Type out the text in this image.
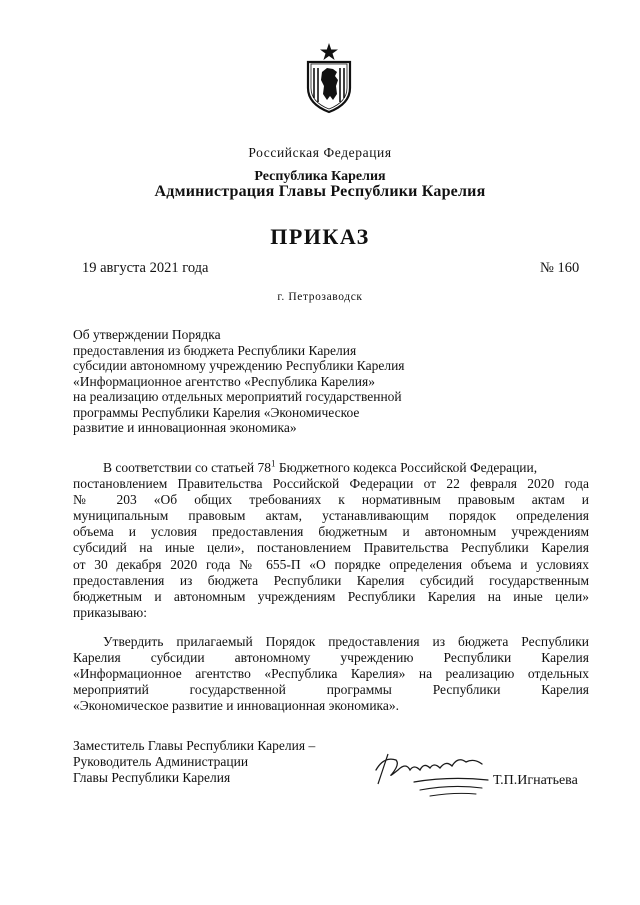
Российская Федерация
Республика Карелия
Администрация Главы Республики Карелия
ПРИКАЗ
19 августа 2021 года	№ 160
г. Петрозаводск
Об утверждении Порядка
предоставления из бюджета Республики Карелия
субсидии автономному учреждению Республики Карелия
«Информационное агентство «Республика Карелия»
на реализацию отдельных мероприятий государственной
программы Республики Карелия «Экономическое
развитие и инновационная экономика»
В соответствии со статьей $78^1$ Бюджетного кодекса Российской Федерации,
постановлением Правительства Российской Федерации от 22 февраля 2020 года
№ 203 «Об общих требованиях к нормативным правовым актам и
муниципальным правовым актам, устанавливающим порядок определения
объема и условия предоставления бюджетным и автономным учреждениям
субсидий на иные цели», постановлением Правительства Республики Карелия
от 30 декабря 2020 года № 655-П «О порядке определения объема и условиях
предоставления из бюджета Республики Карелия субсидий государственным
бюджетным и автономным учреждениям Республики Карелия на иные цели»
приказываю:
Утвердить прилагаемый Порядок предоставления из бюджета Республики
Карелия субсидии автономному учреждению Республики Карелия
«Информационное агентство «Республика Карелия» на реализацию отдельных
мероприятий государственной программы Республики Карелия
«Экономическое развитие и инновационная экономика».
Заместитель Главы Республики Карелия –
Руководитель Администрации
Главы Республики Карелия	Т.П.Игнатьева
